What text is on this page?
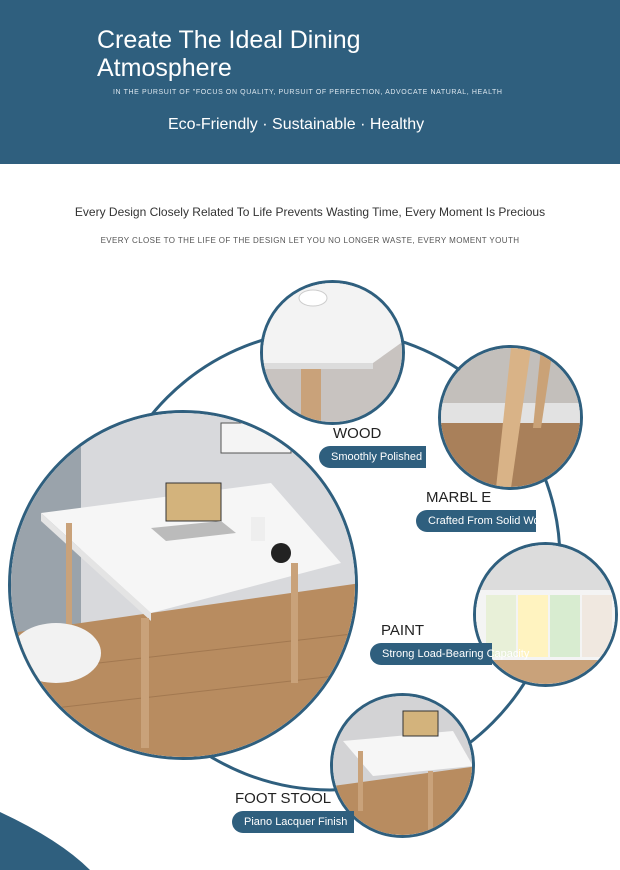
Create The Ideal Dining Atmosphere
IN THE PURSUIT OF "FOCUS ON QUALITY, PURSUIT OF PERFECTION, ADVOCATE NATURAL, HEALTH
Eco-Friendly · Sustainable · Healthy
Every Design Closely Related To Life Prevents Wasting Time, Every Moment Is Precious
EVERY CLOSE TO THE LIFE OF THE DESIGN LET YOU NO LONGER WASTE, EVERY MOMENT YOUTH
WOOD
Smoothly Polished
MARBL E
Crafted From Solid Wood
PAINT
Strong Load-Bearing Capacity
FOOT STOOL
Piano Lacquer Finish
